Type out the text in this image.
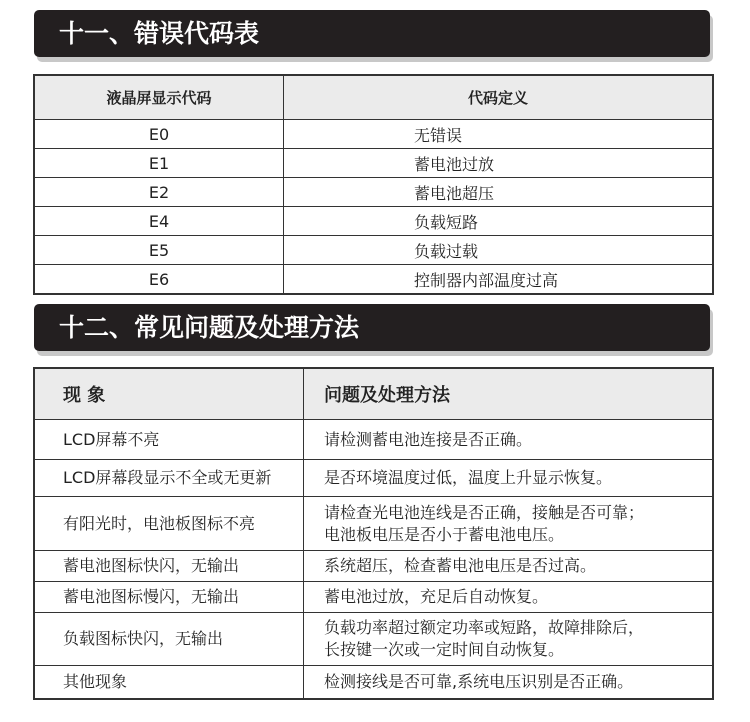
十一、错误代码表
液晶屏显示代码	代码定义
E0	无错误
E1	蓄电池过放
E2	蓄电池超压
E4	负载短路
E5	负载过载
E6	控制器内部温度过高
十二、常见问题及处理方法
现 象	问题及处理方法
LCD屏幕不亮	请检测蓄电池连接是否正确。

LCD屏幕段显示不全或无更新	是否环境温度过低，温度上升显示恢复。

有阳光时，电池板图标不亮	请检查光电池连线是否正确，接触是否可靠；
电池板电压是否小于蓄电池电压。

蓄电池图标快闪，无输出	系统超压，检查蓄电池电压是否过高。

蓄电池图标慢闪，无输出	蓄电池过放，充足后自动恢复。

负载图标快闪，无输出	负载功率超过额定功率或短路，故障排除后，
长按键一次或一定时间自动恢复。

其他现象	检测接线是否可靠,系统电压识别是否正确。
